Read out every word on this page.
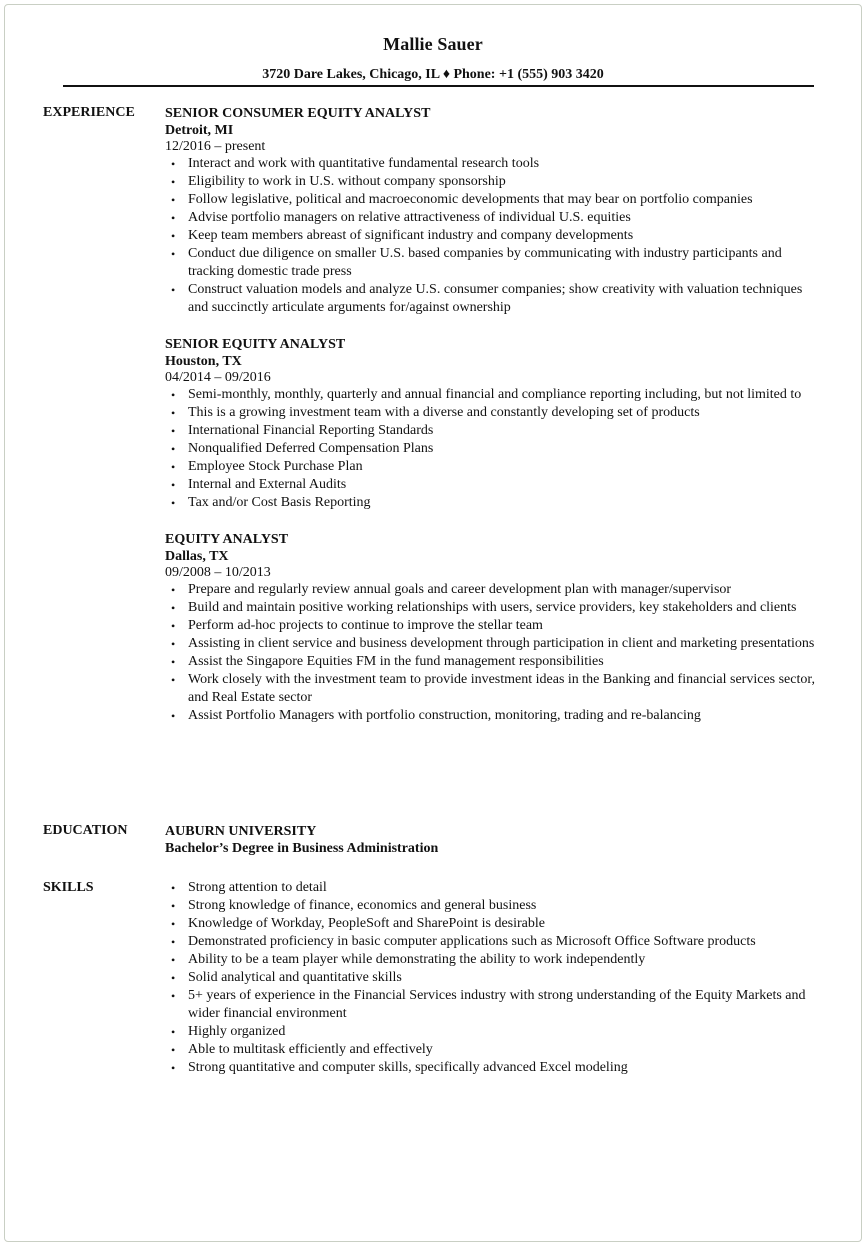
Mallie Sauer
3720 Dare Lakes, Chicago, IL ♦ Phone: +1 (555) 903 3420
EXPERIENCE SENIOR CONSUMER EQUITY ANALYST
Detroit, MI
12/2016 – present
• Interact and work with quantitative fundamental research tools
• Eligibility to work in U.S. without company sponsorship
• Follow legislative, political and macroeconomic developments that may bear on portfolio companies
• Advise portfolio managers on relative attractiveness of individual U.S. equities
• Keep team members abreast of significant industry and company developments
• Conduct due diligence on smaller U.S. based companies by communicating with industry participants and tracking domestic trade press
• Construct valuation models and analyze U.S. consumer companies; show creativity with valuation techniques and succinctly articulate arguments for/against ownership
SENIOR EQUITY ANALYST
Houston, TX
04/2014 – 09/2016
• Semi-monthly, monthly, quarterly and annual financial and compliance reporting including, but not limited to
• This is a growing investment team with a diverse and constantly developing set of products
• International Financial Reporting Standards
• Nonqualified Deferred Compensation Plans
• Employee Stock Purchase Plan
• Internal and External Audits
• Tax and/or Cost Basis Reporting
EQUITY ANALYST
Dallas, TX
09/2008 – 10/2013
• Prepare and regularly review annual goals and career development plan with manager/supervisor
• Build and maintain positive working relationships with users, service providers, key stakeholders and clients
• Perform ad-hoc projects to continue to improve the stellar team
• Assisting in client service and business development through participation in client and marketing presentations
• Assist the Singapore Equities FM in the fund management responsibilities
• Work closely with the investment team to provide investment ideas in the Banking and financial services sector, and Real Estate sector
• Assist Portfolio Managers with portfolio construction, monitoring, trading and re-balancing
EDUCATION	AUBURN UNIVERSITY
Bachelor’s Degree in Business Administration
SKILLS	• Strong attention to detail
• Strong knowledge of finance, economics and general business
• Knowledge of Workday, PeopleSoft and SharePoint is desirable
• Demonstrated proficiency in basic computer applications such as Microsoft Office Software products
• Ability to be a team player while demonstrating the ability to work independently
• Solid analytical and quantitative skills
• 5+ years of experience in the Financial Services industry with strong understanding of the Equity Markets and wider financial environment
• Highly organized
• Able to multitask efficiently and effectively
• Strong quantitative and computer skills, specifically advanced Excel modeling
